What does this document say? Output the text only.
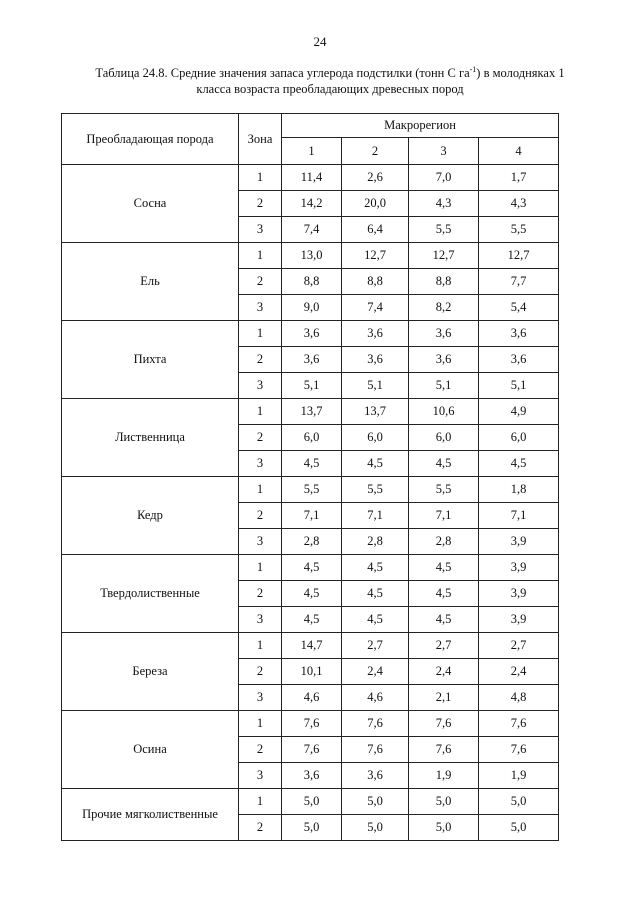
24
Таблица 24.8. Средние значения запаса углерода подстилки (тонн С $га^{-1}$) в молодняках 1
класса возраста преобладающих древесных пород
Преобладающая порода	Зона	Макрорегион			
		1	2	3	4
Сосна	1	11,4	2,6	7,0	1,7
	2	14,2	20,0	4,3	4,3
	3	7,4	6,4	5,5	5,5
Ель	1	13,0	12,7	12,7	12,7
	2	8,8	8,8	8,8	7,7
	3	9,0	7,4	8,2	5,4
Пихта	1	3,6	3,6	3,6	3,6
	2	3,6	3,6	3,6	3,6
	3	5,1	5,1	5,1	5,1
Лиственница	1	13,7	13,7	10,6	4,9
	2	6,0	6,0	6,0	6,0
	3	4,5	4,5	4,5	4,5
Кедр	1	5,5	5,5	5,5	1,8
	2	7,1	7,1	7,1	7,1
	3	2,8	2,8	2,8	3,9
Твердолиственные	1	4,5	4,5	4,5	3,9
	2	4,5	4,5	4,5	3,9
	3	4,5	4,5	4,5	3,9
Береза	1	14,7	2,7	2,7	2,7
	2	10,1	2,4	2,4	2,4
	3	4,6	4,6	2,1	4,8
Осина	1	7,6	7,6	7,6	7,6
	2	7,6	7,6	7,6	7,6
	3	3,6	3,6	1,9	1,9
Прочие мягколиственные	1	5,0	5,0	5,0	5,0
	2	5,0	5,0	5,0	5,0
